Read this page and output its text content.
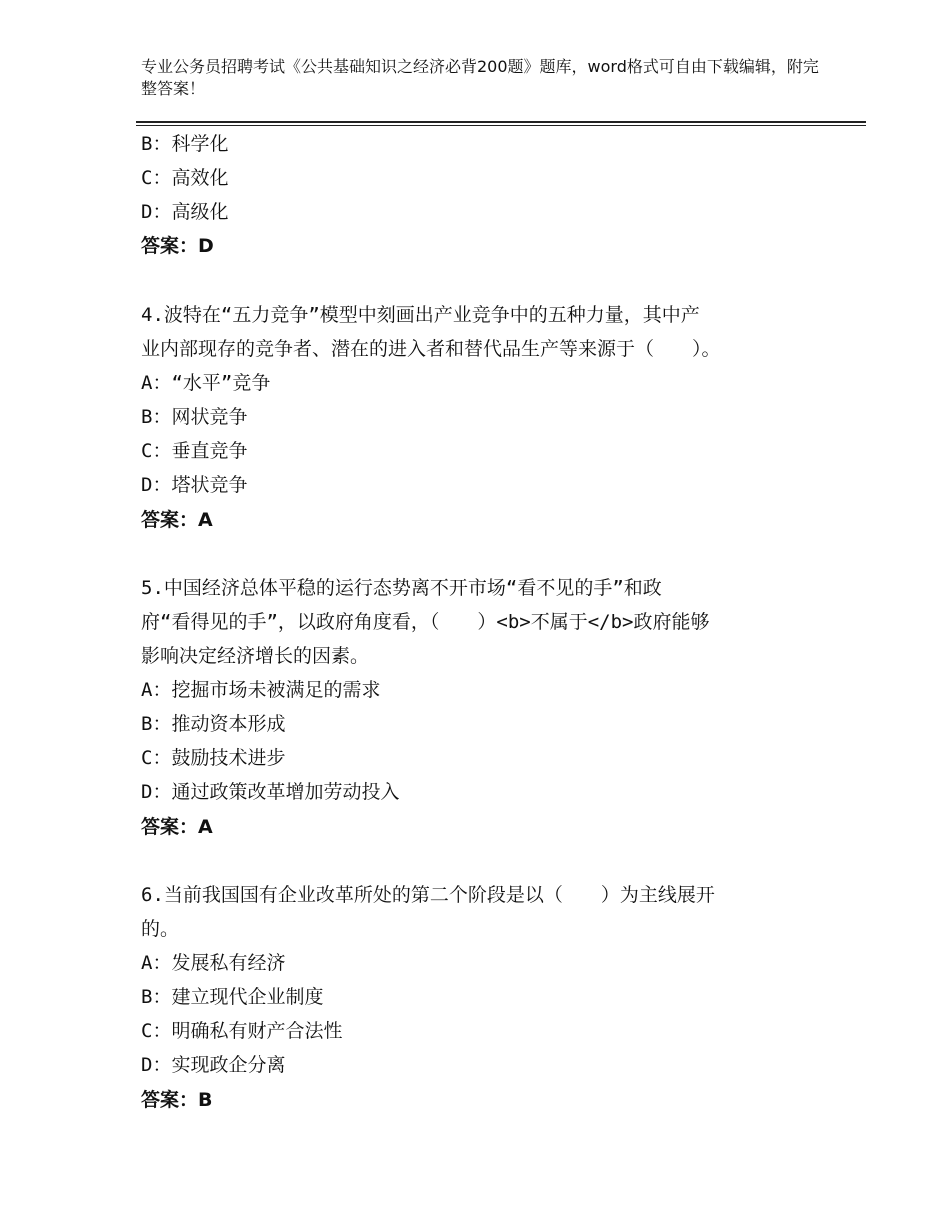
专业公务员招聘考试《公共基础知识之经济必背200题》题库，word格式可自由下载编辑，附完整答案！
B：科学化
C：高效化
D：高级化
答案：D
4.波特在“五力竞争”模型中刻画出产业竞争中的五种力量，其中产
业内部现存的竞争者、潜在的进入者和替代品生产等来源于（　　）。
A：“水平”竞争
B：网状竞争
C：垂直竞争
D：塔状竞争
答案：A
5.中国经济总体平稳的运行态势离不开市场“看不见的手”和政
府“看得见的手”，以政府角度看，（　　）<b>不属于</b>政府能够
影响决定经济增长的因素。
A：挖掘市场未被满足的需求
B：推动资本形成
C：鼓励技术进步
D：通过政策改革增加劳动投入
答案：A
6.当前我国国有企业改革所处的第二个阶段是以（　　）为主线展开
的。
A：发展私有经济
B：建立现代企业制度
C：明确私有财产合法性
D：实现政企分离
答案：B
